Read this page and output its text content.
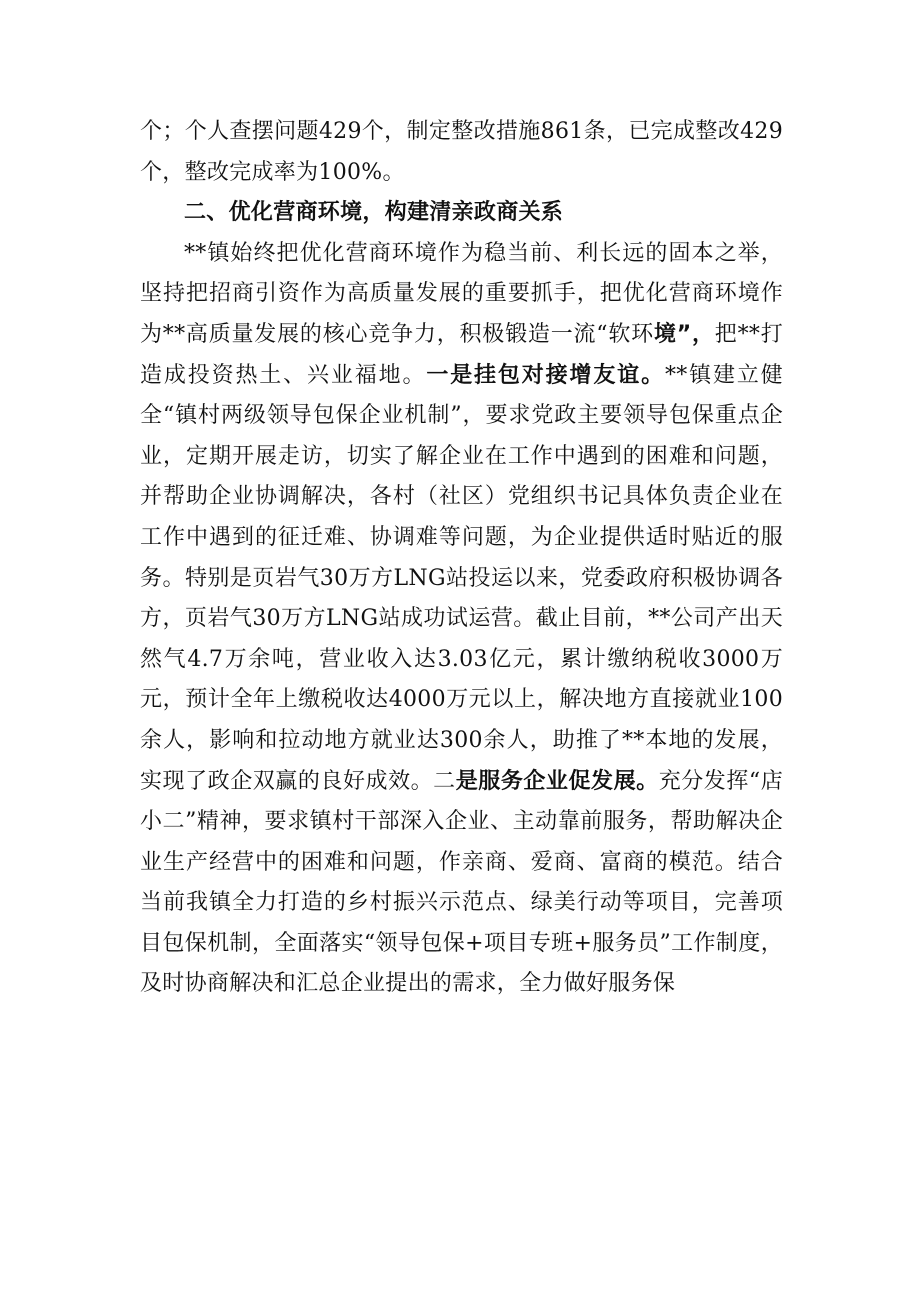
个；个人查摆问题429个，制定整改措施861条，已完成整改429个，整改完成率为100%。

二、优化营商环境，构建清亲政商关系

**镇始终把优化营商环境作为稳当前、利长远的固本之举，坚持把招商引资作为高质量发展的重要抓手，把优化营商环境作为**高质量发展的核心竞争力，积极锻造一流“软环境”，把**打造成投资热土、兴业福地。一是挂包对接增友谊。**镇建立健全“镇村两级领导包保企业机制”，要求党政主要领导包保重点企业，定期开展走访，切实了解企业在工作中遇到的困难和问题，并帮助企业协调解决，各村（社区）党组织书记具体负责企业在工作中遇到的征迁难、协调难等问题，为企业提供适时贴近的服务。特别是页岩气30万方LNG站投运以来，党委政府积极协调各方，页岩气30万方LNG站成功试运营。截止目前，**公司产出天然气4.7万余吨，营业收入达3.03亿元，累计缴纳税收3000万元，预计全年上缴税收达4000万元以上，解决地方直接就业100余人，影响和拉动地方就业达300余人，助推了**本地的发展，实现了政企双赢的良好成效。二是服务企业促发展。充分发挥“店小二”精神，要求镇村干部深入企业、主动靠前服务，帮助解决企业生产经营中的困难和问题，作亲商、爱商、富商的模范。结合当前我镇全力打造的乡村振兴示范点、绿美行动等项目，完善项目包保机制，全面落实“领导包保+项目专班+服务员”工作制度，及时协商解决和汇总企业提出的需求，全力做好服务保
